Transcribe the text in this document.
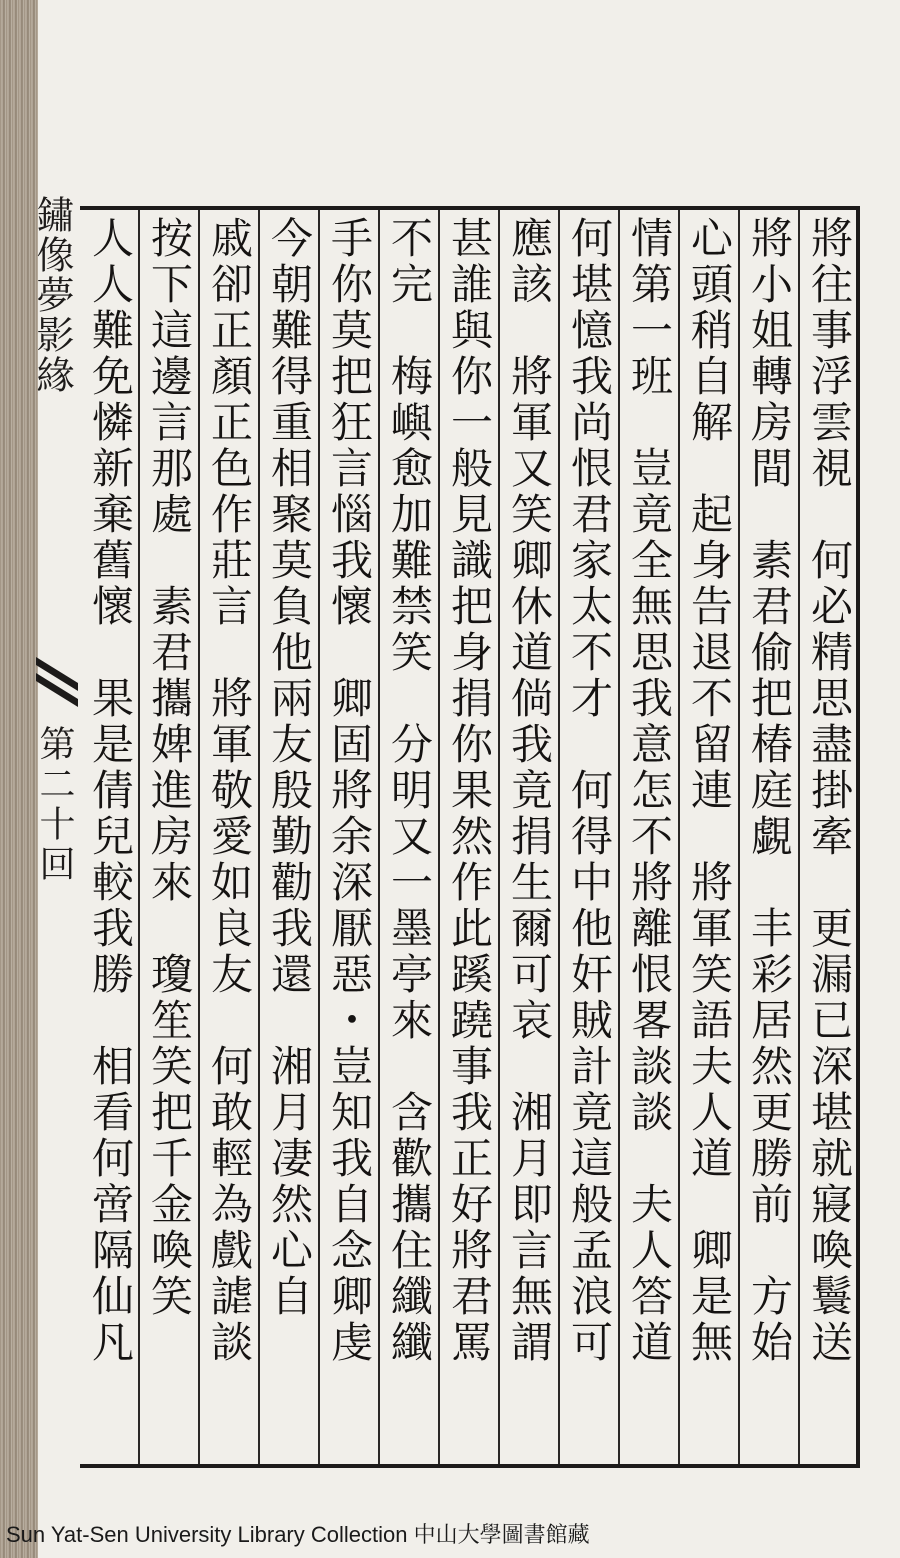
鏽像夢影緣
第二十回	將往事浮雲視　何必精思盡掛牽　更漏已深堪就寢喚鬟送
將小姐轉房間　素君偷把椿庭覷　丰彩居然更勝前　方始
心頭稍自解　起身告退不留連　將軍笑語夫人道　卿是無
情第一班　豈竟全無思我意怎不將離恨畧談談　夫人答道
何堪憶我尚恨君家太不才　何得中他奸賊計竟這般孟浪可
應該　將軍又笑卿休道倘我竟捐生爾可哀　湘月即言無謂
甚誰與你一般見識把身捐你果然作此蹊蹺事我正好將君罵
不完　梅嶼愈加難禁笑　分明又一墨亭來　含歡攜住纖纖
手你莫把狂言惱我懷　卿固將余深厭惡・豈知我自念卿虔
今朝難得重相聚莫負他兩友殷勤勸我還　湘月凄然心自
戚卻正顏正色作莊言　將軍敬愛如良友　何敢輕為戲謔談
按下這邊言那處　素君攜婢進房來　瓊笙笑把千金喚笑
人人難免憐新棄舊懷　果是倩兒較我勝　相看何啻隔仙凡
Sun Yat-Sen University Library Collection 中山大學圖書館藏
